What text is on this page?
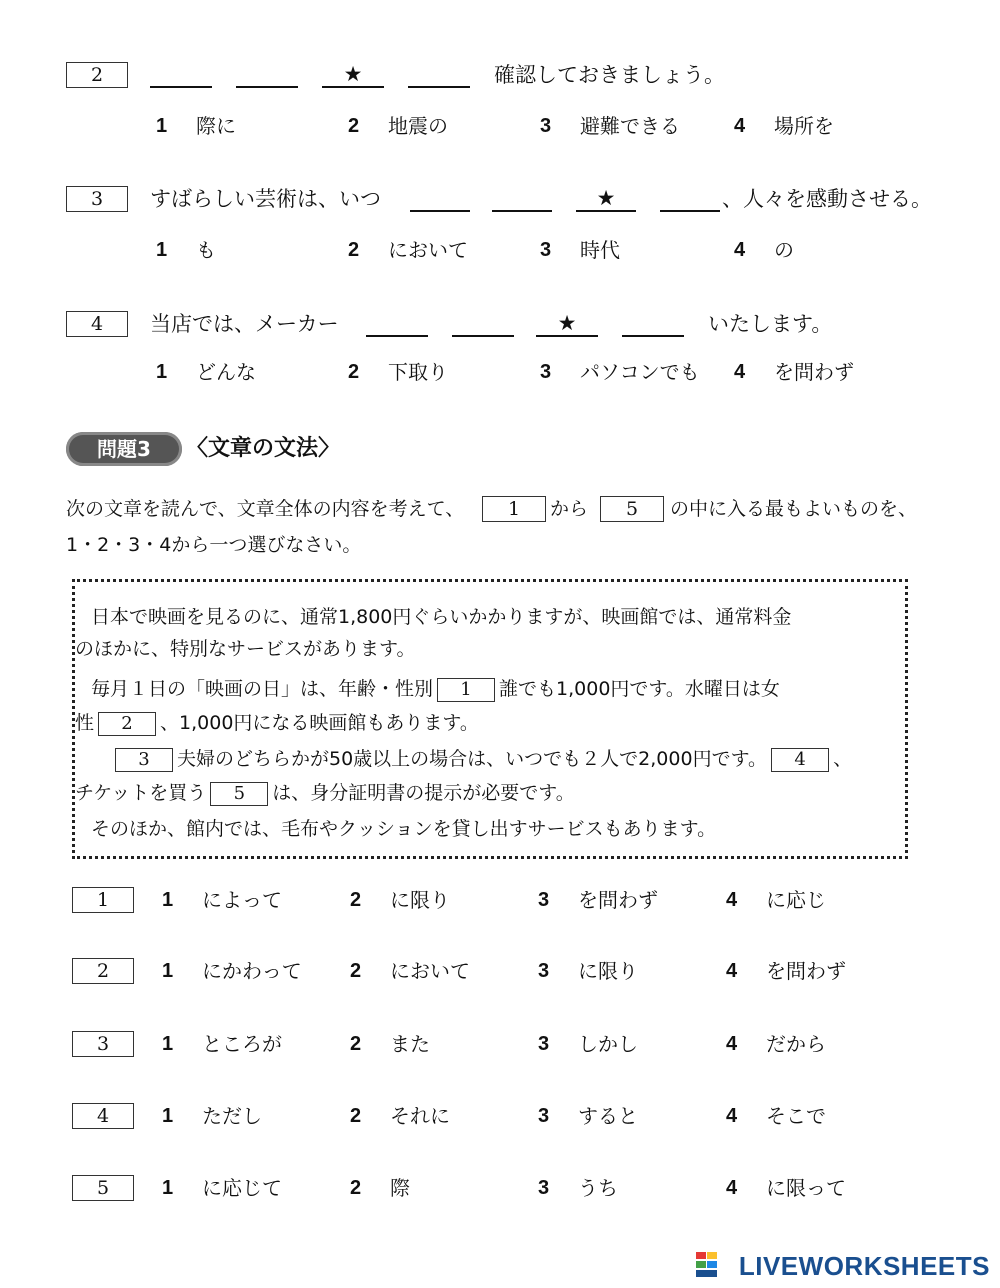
2	★	確認しておきましょう。
1 際に	2 地震の	3 避難できる	4 場所を
3	すばらしい芸術は、いつ	★	、人々を感動させる。
1 も	2 において	3 時代	4 の
4	当店では、メーカー	★	いたします。
1 どんな	2 下取り	3 パソコンでも 4 を問わず
問題3	〈文章の文法〉
次の文章を読んで、文章全体の内容を考えて、	1	から	5	の中に入る最もよいものを、
1・2・3・4から一つ選びなさい。
日本で映画を見るのに、通常1,800円ぐらいかかりますが、映画館では、通常料金
のほかに、特別なサービスがあります。
毎月１日の「映画の日」は、年齢・性別 1 誰でも1,000円です。水曜日は女
性 2 、1,000円になる映画館もあります。
3 夫婦のどちらかが50歳以上の場合は、いつでも２人で2,000円です。 4 、
チケットを買う 5 は、身分証明書の提示が必要です。
そのほか、館内では、毛布やクッションを貸し出すサービスもあります。
1	1 によって	2 に限り	3 を問わず	4 に応じ
2	1 にかわって 2 において	3 に限り	4 を問わず
3	1 ところが	2 また	3 しかし	4 だから
4	1 ただし	2 それに	3 すると	4 そこで
5	1 に応じて	2 際	3 うち	4 に限って
LIVEWORKSHEETS
